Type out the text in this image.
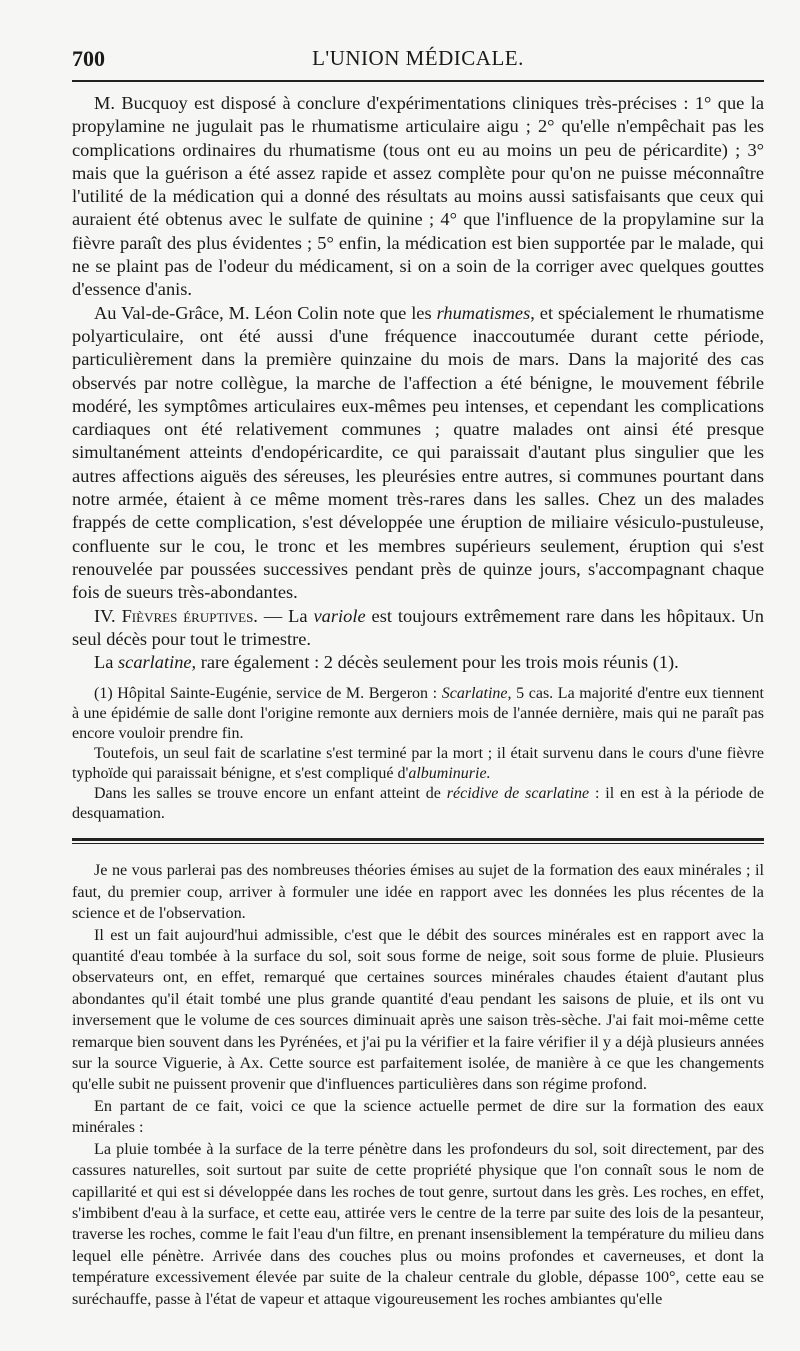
700	L'UNION MÉDICALE.

M. Bucquoy est disposé à conclure d'expérimentations cliniques très-précises : 1° que la propylamine ne jugulait pas le rhumatisme articulaire aigu ; 2° qu'elle n'empêchait pas les complications ordinaires du rhumatisme (tous ont eu au moins un peu de péricardite) ; 3° mais que la guérison a été assez rapide et assez complète pour qu'on ne puisse méconnaître l'utilité de la médication qui a donné des résultats au moins aussi satisfaisants que ceux qui auraient été obtenus avec le sulfate de quinine ; 4° que l'influence de la propylamine sur la fièvre paraît des plus évidentes ; 5° enfin, la médication est bien supportée par le malade, qui ne se plaint pas de l'odeur du médicament, si on a soin de la corriger avec quelques gouttes d'essence d'anis.

Au Val-de-Grâce, M. Léon Colin note que les rhumatismes, et spécialement le rhumatisme polyarticulaire, ont été aussi d'une fréquence inaccoutumée durant cette période, particulièrement dans la première quinzaine du mois de mars. Dans la majorité des cas observés par notre collègue, la marche de l'affection a été bénigne, le mouvement fébrile modéré, les symptômes articulaires eux-mêmes peu intenses, et cependant les complications cardiaques ont été relativement communes ; quatre malades ont ainsi été presque simultanément atteints d'endopéricardite, ce qui paraissait d'autant plus singulier que les autres affections aiguës des séreuses, les pleurésies entre autres, si communes pourtant dans notre armée, étaient à ce même moment très-rares dans les salles. Chez un des malades frappés de cette complication, s'est développée une éruption de miliaire vésiculo-pustuleuse, confluente sur le cou, le tronc et les membres supérieurs seulement, éruption qui s'est renouvelée par poussées successives pendant près de quinze jours, s'accompagnant chaque fois de sueurs très-abondantes.

IV. Fièvres éruptives. — La variole est toujours extrêmement rare dans les hôpitaux. Un seul décès pour tout le trimestre.

La scarlatine, rare également : 2 décès seulement pour les trois mois réunis (1).

(1) Hôpital Sainte-Eugénie, service de M. Bergeron : Scarlatine, 5 cas. La majorité d'entre eux tiennent à une épidémie de salle dont l'origine remonte aux derniers mois de l'année dernière, mais qui ne paraît pas encore vouloir prendre fin.

Toutefois, un seul fait de scarlatine s'est terminé par la mort ; il était survenu dans le cours d'une fièvre typhoïde qui paraissait bénigne, et s'est compliqué d'albuminurie.

Dans les salles se trouve encore un enfant atteint de récidive de scarlatine : il en est à la période de desquamation.

Je ne vous parlerai pas des nombreuses théories émises au sujet de la formation des eaux minérales ; il faut, du premier coup, arriver à formuler une idée en rapport avec les données les plus récentes de la science et de l'observation.

Il est un fait aujourd'hui admissible, c'est que le débit des sources minérales est en rapport avec la quantité d'eau tombée à la surface du sol, soit sous forme de neige, soit sous forme de pluie. Plusieurs observateurs ont, en effet, remarqué que certaines sources minérales chaudes étaient d'autant plus abondantes qu'il était tombé une plus grande quantité d'eau pendant les saisons de pluie, et ils ont vu inversement que le volume de ces sources diminuait après une saison très-sèche. J'ai fait moi-même cette remarque bien souvent dans les Pyrénées, et j'ai pu la vérifier et la faire vérifier il y a déjà plusieurs années sur la source Viguerie, à Ax. Cette source est parfaitement isolée, de manière à ce que les changements qu'elle subit ne puissent provenir que d'influences particulières dans son régime profond.

En partant de ce fait, voici ce que la science actuelle permet de dire sur la formation des eaux minérales :

La pluie tombée à la surface de la terre pénètre dans les profondeurs du sol, soit directement, par des cassures naturelles, soit surtout par suite de cette propriété physique que l'on connaît sous le nom de capillarité et qui est si développée dans les roches de tout genre, surtout dans les grès. Les roches, en effet, s'imbibent d'eau à la surface, et cette eau, attirée vers le centre de la terre par suite des lois de la pesanteur, traverse les roches, comme le fait l'eau d'un filtre, en prenant insensiblement la température du milieu dans lequel elle pénètre. Arrivée dans des couches plus ou moins profondes et caverneuses, et dont la température excessivement élevée par suite de la chaleur centrale du globle, dépasse 100°, cette eau se suréchauffe, passe à l'état de vapeur et attaque vigoureusement les roches ambiantes qu'elle
